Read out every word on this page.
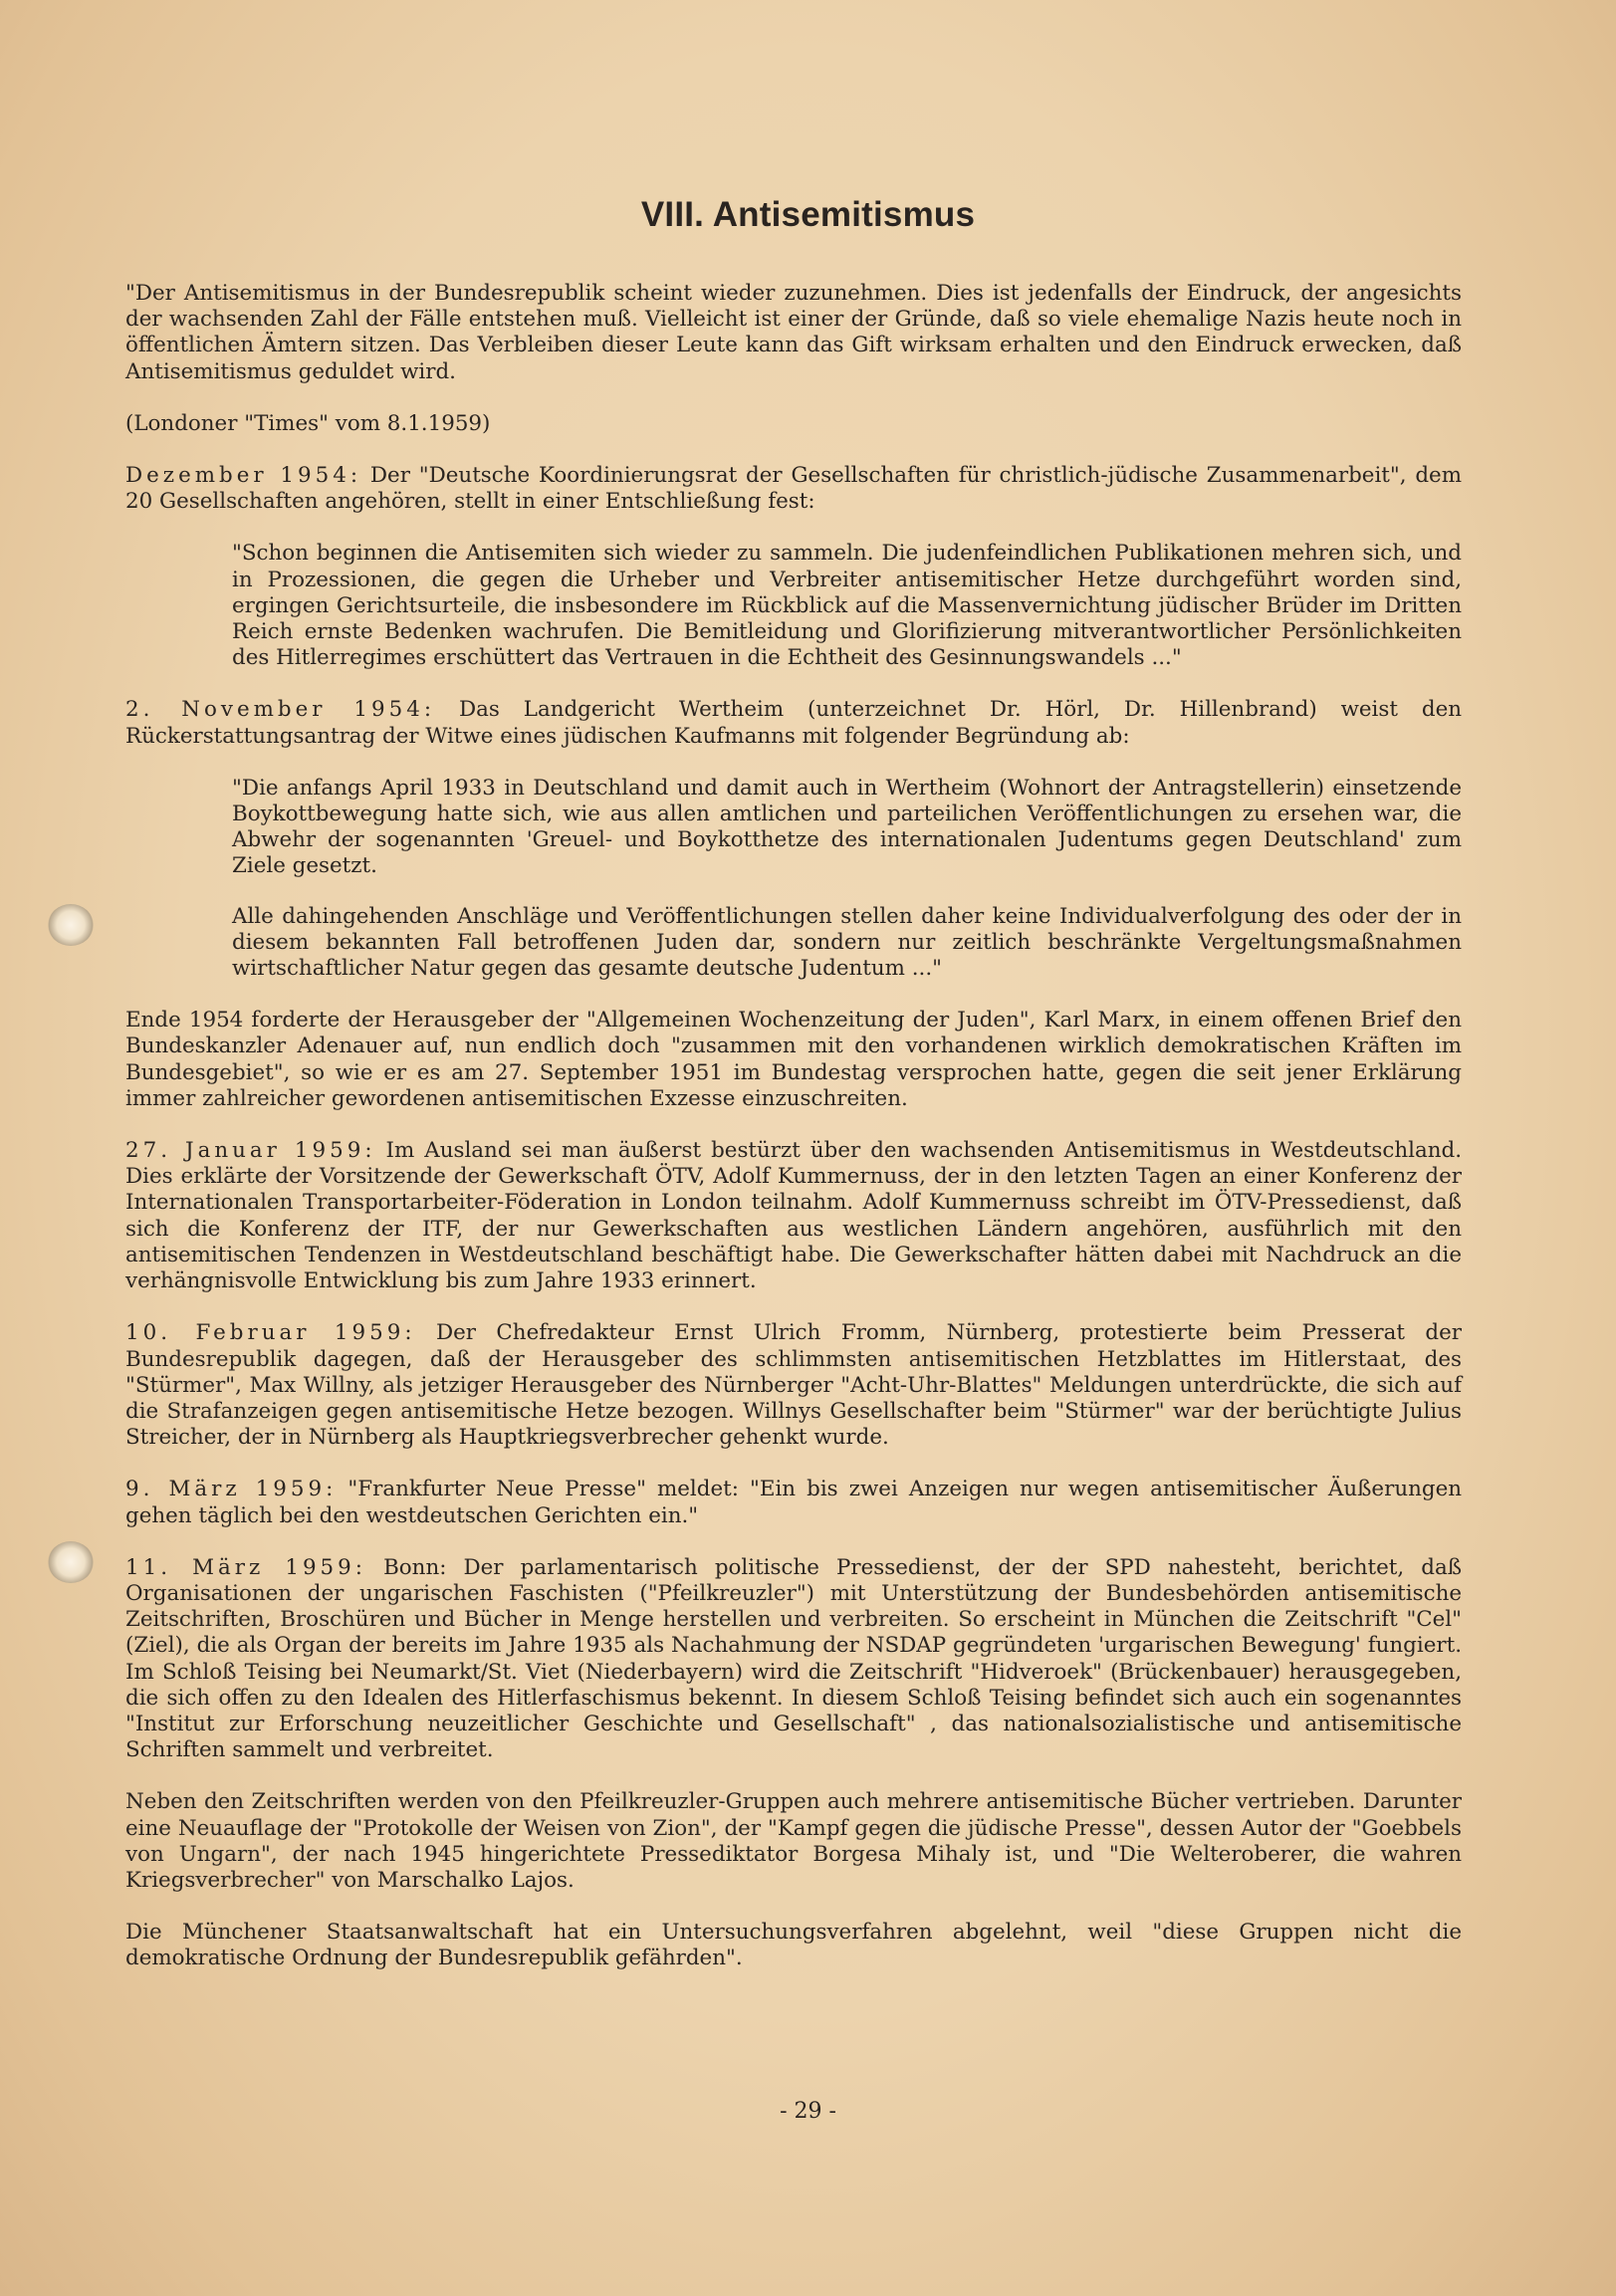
VIII. Antisemitismus

"Der Antisemitismus in der Bundesrepublik scheint wieder zuzunehmen. Dies ist jedenfalls der Eindruck, der angesichts der wachsenden Zahl der Fälle entstehen muß. Vielleicht ist einer der Gründe, daß so viele ehemalige Nazis heute noch in öffentlichen Ämtern sitzen. Das Verbleiben dieser Leute kann das Gift wirksam erhalten und den Eindruck erwecken, daß Antisemitismus geduldet wird.

(Londoner "Times" vom 8.1.1959)

Dezember 1954: Der "Deutsche Koordinierungsrat der Gesellschaften für christlich-jüdische Zusammenarbeit", dem 20 Gesellschaften angehören, stellt in einer Entschließung fest:

"Schon beginnen die Antisemiten sich wieder zu sammeln. Die judenfeindlichen Publikationen mehren sich, und in Prozessionen, die gegen die Urheber und Verbreiter antisemitischer Hetze durchgeführt worden sind, ergingen Gerichtsurteile, die insbesondere im Rückblick auf die Massenvernichtung jüdischer Brüder im Dritten Reich ernste Bedenken wachrufen. Die Bemitleidung und Glorifizierung mitverantwortlicher Persönlichkeiten des Hitlerregimes erschüttert das Vertrauen in die Echtheit des Gesinnungswandels ..."

2. November 1954: Das Landgericht Wertheim (unterzeichnet Dr. Hörl, Dr. Hillenbrand) weist den Rückerstattungsantrag der Witwe eines jüdischen Kaufmanns mit folgender Begründung ab:

"Die anfangs April 1933 in Deutschland und damit auch in Wertheim (Wohnort der Antragstellerin) einsetzende Boykottbewegung hatte sich, wie aus allen amtlichen und parteilichen Veröffentlichungen zu ersehen war, die Abwehr der sogenannten 'Greuel- und Boykotthetze des internationalen Judentums gegen Deutschland' zum Ziele gesetzt.

Alle dahingehenden Anschläge und Veröffentlichungen stellen daher keine Individualverfolgung des oder der in diesem bekannten Fall betroffenen Juden dar, sondern nur zeitlich beschränkte Vergeltungsmaßnahmen wirtschaftlicher Natur gegen das gesamte deutsche Judentum ..."

Ende 1954 forderte der Herausgeber der "Allgemeinen Wochenzeitung der Juden", Karl Marx, in einem offenen Brief den Bundeskanzler Adenauer auf, nun endlich doch "zusammen mit den vorhandenen wirklich demokratischen Kräften im Bundesgebiet", so wie er es am 27. September 1951 im Bundestag versprochen hatte, gegen die seit jener Erklärung immer zahlreicher gewordenen antisemitischen Exzesse einzuschreiten.

27. Januar 1959: Im Ausland sei man äußerst bestürzt über den wachsenden Antisemitismus in Westdeutschland. Dies erklärte der Vorsitzende der Gewerkschaft ÖTV, Adolf Kummernuss, der in den letzten Tagen an einer Konferenz der Internationalen Transportarbeiter-Föderation in London teilnahm. Adolf Kummernuss schreibt im ÖTV-Pressedienst, daß sich die Konferenz der ITF, der nur Gewerkschaften aus westlichen Ländern angehören, ausführlich mit den antisemitischen Tendenzen in Westdeutschland beschäftigt habe. Die Gewerkschafter hätten dabei mit Nachdruck an die verhängnisvolle Entwicklung bis zum Jahre 1933 erinnert.

10. Februar 1959: Der Chefredakteur Ernst Ulrich Fromm, Nürnberg, protestierte beim Presserat der Bundesrepublik dagegen, daß der Herausgeber des schlimmsten antisemitischen Hetzblattes im Hitlerstaat, des "Stürmer", Max Willny, als jetziger Herausgeber des Nürnberger "Acht-Uhr-Blattes" Meldungen unterdrückte, die sich auf die Strafanzeigen gegen antisemitische Hetze bezogen. Willnys Gesellschafter beim "Stürmer" war der berüchtigte Julius Streicher, der in Nürnberg als Hauptkriegsverbrecher gehenkt wurde.

9. März 1959: "Frankfurter Neue Presse" meldet: "Ein bis zwei Anzeigen nur wegen antisemitischer Äußerungen gehen täglich bei den westdeutschen Gerichten ein."

11. März 1959: Bonn: Der parlamentarisch politische Pressedienst, der der SPD nahesteht, berichtet, daß Organisationen der ungarischen Faschisten ("Pfeilkreuzler") mit Unterstützung der Bundesbehörden antisemitische Zeitschriften, Broschüren und Bücher in Menge herstellen und verbreiten. So erscheint in München die Zeitschrift "Cel" (Ziel), die als Organ der bereits im Jahre 1935 als Nachahmung der NSDAP gegründeten 'urgarischen Bewegung' fungiert. Im Schloß Teising bei Neumarkt/St. Viet (Niederbayern) wird die Zeitschrift "Hidveroek" (Brückenbauer) herausgegeben, die sich offen zu den Idealen des Hitlerfaschismus bekennt. In diesem Schloß Teising befindet sich auch ein sogenanntes "Institut zur Erforschung neuzeitlicher Geschichte und Gesellschaft" , das nationalsozialistische und antisemitische Schriften sammelt und verbreitet.

Neben den Zeitschriften werden von den Pfeilkreuzler-Gruppen auch mehrere antisemitische Bücher vertrieben. Darunter eine Neuauflage der "Protokolle der Weisen von Zion", der "Kampf gegen die jüdische Presse", dessen Autor der "Goebbels von Ungarn", der nach 1945 hingerichtete Pressediktator Borgesa Mihaly ist, und "Die Welteroberer, die wahren Kriegsverbrecher" von Marschalko Lajos.

Die Münchener Staatsanwaltschaft hat ein Untersuchungsverfahren abgelehnt, weil "diese Gruppen nicht die demokratische Ordnung der Bundesrepublik gefährden".

- 29 -
